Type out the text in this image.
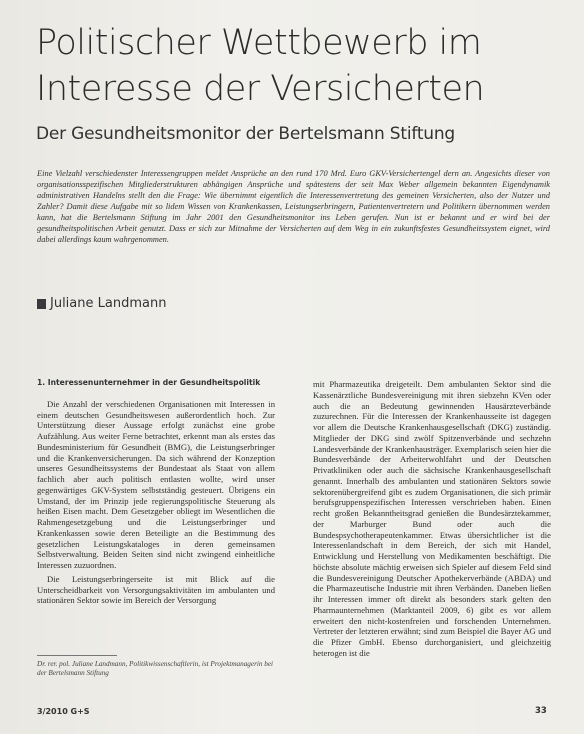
Politischer Wettbewerb im
Interesse der Versicherten
Der Gesundheitsmonitor der Bertelsmann Stiftung
Eine Vielzahl verschiedenster Interessengruppen meldet Ansprüche an den rund 170 Mrd. Euro GKV-Versichertengel dern an. Angesichts dieser von organisationsspezifischen Mitgliederstrukturen abhängigen Ansprüche und spätestens der seit Max Weber allgemein bekannten Eigendynamik administrativen Handelns stellt den die Frage: Wie übernimmt eigentlich die Interessenvertretung des gemeinen Versicherten, also der Nutzer und Zahler? Damit diese Aufgabe mit so lidem Wissen von Krankenkassen, Leistungserbringern, Patientenvertretern und Politikern übernommen werden kann, hat die Bertelsmann Stiftung im Jahr 2001 den Gesundheitsmonitor ins Leben gerufen. Nun ist er bekannt und er wird bei der gesundheitspolitischen Arbeit genutzt. Dass er sich zur Mitnahme der Versicherten auf dem Weg in ein zukunftsfestes Gesundheitssystem eignet, wird dabei allerdings kaum wahrgenommen.
Juliane Landmann
1. Interessenunternehmer in der Gesundheitspolitik

Die Anzahl der verschiedenen Organisationen mit Interessen in einem deutschen Gesundheitswesen außerordentlich hoch. Zur Unterstützung dieser Aussage erfolgt zunächst eine grobe Aufzählung. Aus weiter Ferne betrachtet, erkennt man als erstes das Bundesministerium für Gesundheit (BMG), die Leistungserbringer und die Krankenversicherungen. Da sich während der Konzeption unseres Gesundheitssystems der Bundestaat als Staat von allem fachlich aber auch politisch entlasten wollte, wird unser gegenwärtiges GKV-System selbstständig gesteuert. Übrigens ein Umstand, der im Prinzip jede regierungspolitische Steuerung als heißen Eisen macht. Dem Gesetzgeber obliegt im Wesentlichen die Rahmengesetzgebung und die Leistungserbringer und Krankenkassen sowie deren Beteiligte an die Bestimmung des gesetzlichen Leistungskataloges in deren gemeinsamen Selbstverwaltung. Beiden Seiten sind nicht zwingend einheitliche Interessen zuzuordnen.

Die Leistungserbringerseite ist mit Blick auf die Unterscheidbarkeit von Versorgungsaktivitäten im ambulanten und stationären Sektor sowie im Bereich der Versorgung

mit Pharmazeutika dreigeteilt. Dem ambulanten Sektor sind die Kassenärztliche Bundesvereinigung mit ihren siebzehn KVen oder auch die an Bedeutung gewinnenden Hausärzteverbände zuzurechnen. Für die Interessen der Krankenhausseite ist dagegen vor allem die Deutsche Krankenhausgesellschaft (DKG) zuständig. Mitglieder der DKG sind zwölf Spitzenverbände und sechzehn Landesverbände der Krankenhausträger. Exemplarisch seien hier die Bundesverbände der Arbeiterwohlfahrt und der Deutschen Privatkliniken oder auch die sächsische Krankenhausgesellschaft genannt. Innerhalb des ambulanten und stationären Sektors sowie sektorenübergreifend gibt es zudem Organisationen, die sich primär berufsgruppenspezifischen Interessen verschrieben haben. Einen recht großen Bekanntheitsgrad genießen die Bundesärztekammer, der Marburger Bund oder auch die Bundespsychotherapeutenkammer. Etwas übersichtlicher ist die Interessenlandschaft in dem Bereich, der sich mit Handel, Entwicklung und Herstellung von Medikamenten beschäftigt. Die höchste absolute mächtig erweisen sich Spieler auf diesem Feld sind die Bundesvereinigung Deutscher Apothekerverbände (ABDA) und die Pharmazeutische Industrie mit ihren Verbänden. Daneben ließen ihr Interessen immer oft direkt als besonders stark gelten den Pharmaunternehmen (Marktanteil 2009, 6) gibt es vor allem erweitert den nicht-kostenfreien und forschenden Unternehmen. Vertreter der letzteren erwähnt; sind zum Beispiel die Bayer AG und die Pfizer GmbH. Ebenso durchorganisiert, und gleichzeitig heterogen ist die

Dr. rer. pol. Juliane Landmann, Politikwissenschaftlerin, ist Projektmanagerin bei der Bertelsmann Stiftung
3/2010 G+S	33
